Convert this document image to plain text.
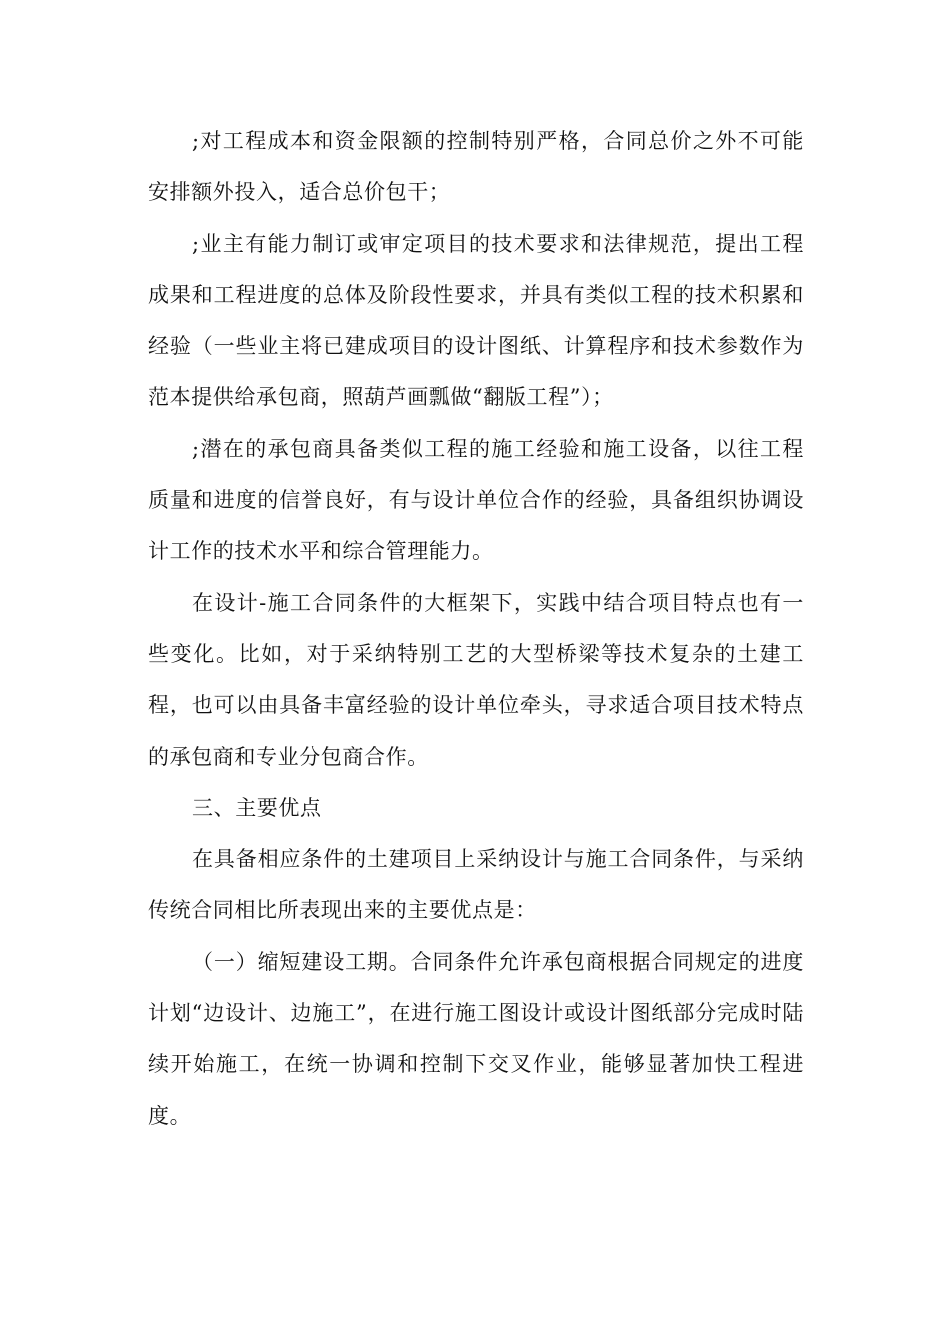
;对工程成本和资金限额的控制特别严格，合同总价之外不可能安排额外投入，适合总价包干；

;业主有能力制订或审定项目的技术要求和法律规范，提出工程成果和工程进度的总体及阶段性要求，并具有类似工程的技术积累和经验（一些业主将已建成项目的设计图纸、计算程序和技术参数作为范本提供给承包商，照葫芦画瓢做“翻版工程”）；

;潜在的承包商具备类似工程的施工经验和施工设备，以往工程质量和进度的信誉良好，有与设计单位合作的经验，具备组织协调设计工作的技术水平和综合管理能力。

在设计-施工合同条件的大框架下，实践中结合项目特点也有一些变化。比如，对于采纳特别工艺的大型桥梁等技术复杂的土建工程，也可以由具备丰富经验的设计单位牵头，寻求适合项目技术特点的承包商和专业分包商合作。

三、主要优点

在具备相应条件的土建项目上采纳设计与施工合同条件，与采纳传统合同相比所表现出来的主要优点是：

（一）缩短建设工期。合同条件允许承包商根据合同规定的进度计划“边设计、边施工”，在进行施工图设计或设计图纸部分完成时陆续开始施工，在统一协调和控制下交叉作业，能够显著加快工程进度。
